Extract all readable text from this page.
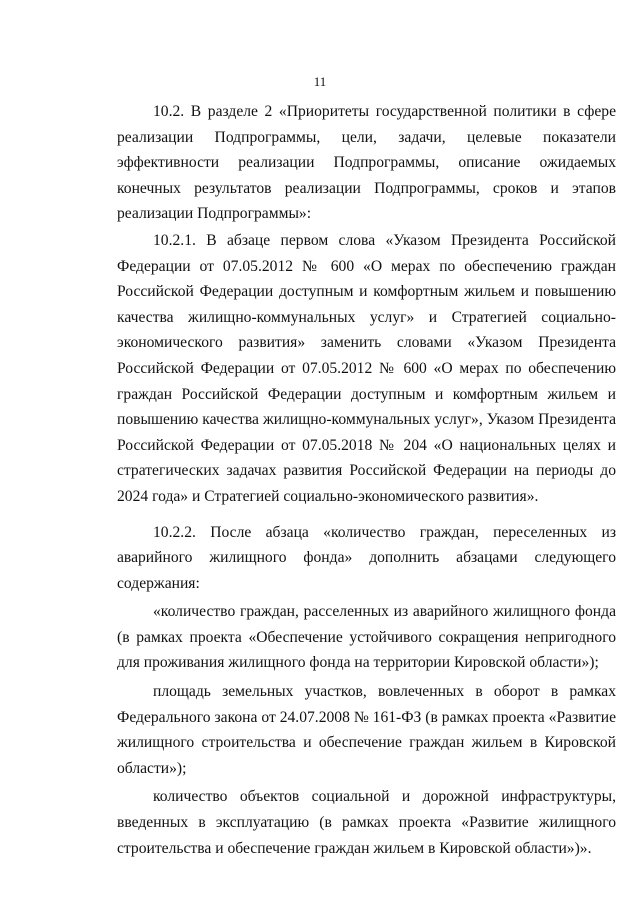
11

10.2. В разделе 2 «Приоритеты государственной политики в сфере реализации Подпрограммы, цели, задачи, целевые показатели эффективности реализации Подпрограммы, описание ожидаемых конечных результатов реализации Подпрограммы, сроков и этапов реализации Подпрограммы»:

10.2.1. В абзаце первом слова «Указом Президента Российской Федерации от 07.05.2012 № 600 «О мерах по обеспечению граждан Российской Федерации доступным и комфортным жильем и повышению качества жилищно-коммунальных услуг» и Стратегией социально-экономического развития» заменить словами «Указом Президента Российской Федерации от 07.05.2012 № 600 «О мерах по обеспечению граждан Российской Федерации доступным и комфортным жильем и повышению качества жилищно-коммунальных услуг», Указом Президента Российской Федерации от 07.05.2018 № 204 «О национальных целях и стратегических задачах развития Российской Федерации на периоды до 2024 года» и Стратегией социально-экономического развития».

10.2.2. После абзаца «количество граждан, переселенных из аварийного жилищного фонда» дополнить абзацами следующего содержания:

«количество граждан, расселенных из аварийного жилищного фонда (в рамках проекта «Обеспечение устойчивого сокращения непригодного для проживания жилищного фонда на территории Кировской области»);

площадь земельных участков, вовлеченных в оборот в рамках Федерального закона от 24.07.2008 № 161-ФЗ (в рамках проекта «Развитие жилищного строительства и обеспечение граждан жильем в Кировской области»);

количество объектов социальной и дорожной инфраструктуры, введенных в эксплуатацию (в рамках проекта «Развитие жилищного строительства и обеспечение граждан жильем в Кировской области»)».
